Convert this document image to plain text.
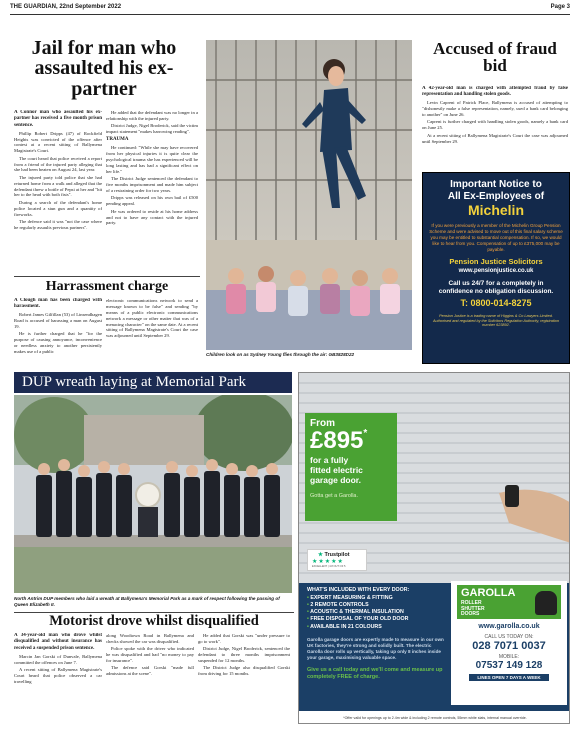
THE GUARDIAN, 22nd September 2022	Page 3
Jail for man who assaulted his ex-partner

A Connor man who assaulted his ex-partner has received a five month prison sentence.

Phillip Robert Dripps (47) of Rockfield Heights was convicted of the offence after contest at a recent sitting of Ballymena Magistrate's Court.

The court heard that police received a report from a friend of the injured party alleging that she had been beaten on August 24, last year.

The injured party told police that she had returned home from a walk and alleged that the defendant threw a bottle of Pepsi at her and "hit her to the head with both fists".

During a search of the defendant's home police located a stun gun and a quantity of fireworks.

The defence said it was "not the case where he regularly assaults previous partners".

He added that the defendant was no longer in a relationship with the injured party.

District Judge, Nigel Broderick, said the victim impact statement "makes harrowing reading".

TRAUMA

He continued: "While she may have recovered from her physical injuries it is quite clear the psychological trauma she has experienced will be long lasting and has had a significant effect on her life."

The District Judge sentenced the defendant to five months imprisonment and made him subject of a restraining order for two years.

Dripps was released on his own bail of £500 pending appeal.

He was ordered to reside at his home address and not to have any contact with the injured party.

Harrassment charge

A Clough man has been charged with harassment.

Robert James Gilfillan (53) of Linsendhagen Road is accused of harassing a man on August 19.

He is further charged that he "for the purpose of causing annoyance, inconvenience or needless anxiety to another persistently makes use of a public

electronic communications network to send a message known to be false" and sending "by means of a public electronic communications network a message or other matter that was of a menacing character" on the same date. At a recent sitting of Ballymena Magistrate's Court the case was adjourned until September 29.

Children look on as Sydney Young flies through the air: GB3828D22
Accused of fraud bid

A 42-year-old man is charged with attempted fraud by false representation and handling stolen goods.

Levin Capreni of Patrick Place, Ballymena is accused of attempting to "dishonestly make a false representation, namely, used a bank card belonging to another" on June 26.

Capreni is further charged with handling stolen goods, namely a bank card on June 25.

At a recent sitting of Ballymena Magistrate's Court the case was adjourned until September 29.

Important Notice to
All Ex-Employees of
Michelin
If you were previously a member of the Michelin Group Pension Scheme and were advised to move out of this final salary scheme you may be entitled to substantial compensation. If so, we would like to hear from you. Compensation of up to £375,000 may be payable.
Pension Justice Solicitors
www.pensionjustice.co.uk
Call us 24/7 for a completely in confidence no obligation discussion.
T: 0800-014-8275
Pension Justice is a trading name of Higgins & Co Lawyers Limited. Authorised and regulated by the Solicitors Regulation Authority, registration number 623892.
DUP wreath laying at Memorial Park
North Antrim DUP members who laid a wreath at Ballymena's Memorial Park as a mark of respect following the passing of Queen Elizabeth II.
Motorist drove whilst disqualified

A 34-year-old man who drove whilst disqualified and without insurance has received a suspended prison sentence.

Marcin Jan Gorski of Dunvale, Ballymena committed the offences on June 7.

A recent sitting of Ballymena Magistrate's Court heard that police observed a car travelling

along Woodtown Road in Ballymena and checks showed the car was disqualified.

Police spoke with the driver who indicated he was disqualified and had "no money to pay for insurance".

The defence said Gorski "made full admissions at the scene".

He added that Gorski was "under pressure to go to work".

District Judge, Nigel Broderick, sentenced the defendant to three months imprisonment suspended for 12 months.

The District Judge also disqualified Gorski from driving for 15 months.

From
£895*
for a fully
fitted electric
garage door.
Gotta get a Garolla.
★ Trustpilot
★★★★★
EXCELLENT | 4.8 OUT OF 5
WHAT'S INCLUDED WITH EVERY DOOR:
• EXPERT MEASURING & FITTING
• 2 REMOTE CONTROLS
• ACOUSTIC & THERMAL INSULATION
• FREE DISPOSAL OF YOUR OLD DOOR
• AVAILABLE IN 21 COLOURS
Garolla garage doors are expertly made to measure in our own UK factories, they're strong and solidly built. The electric Garolla door rolls up vertically, taking up only 8 inches inside your garage, maximising valuable space.
Give us a call today and we'll come and measure up completely FREE of charge.
GAROLLA
ROLLER
SHUTTER
DOORS
www.garolla.co.uk
CALL US TODAY ON:
028 7071 0037
MOBILE:
07537 149 128
LINES OPEN 7 DAYS A WEEK
*Offer valid for openings up to 2.4m wide & including 2 remote controls, 55mm white slats, internal manual override.
